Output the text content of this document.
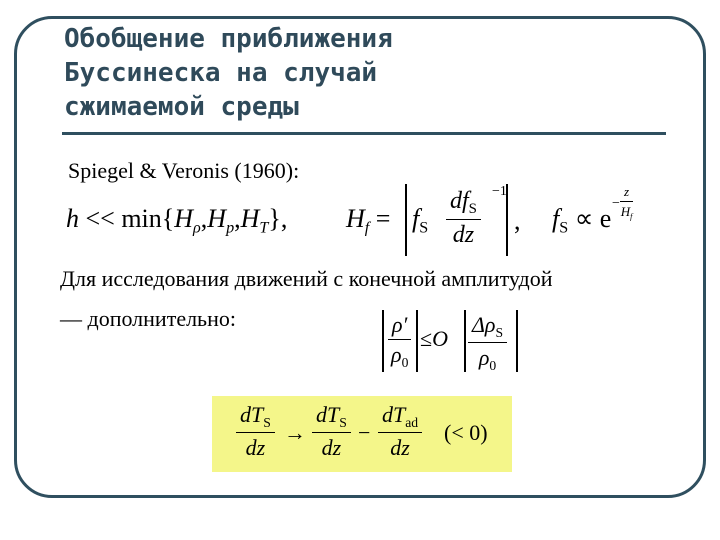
Обобщение приближения
Буссинеска на случай
сжимаемой среды
Spiegel & Veronis (1960):
$h << \min\{H_\rho,H_p,H_T\}$, $H_f = f_S$
$df_S$
dz
−1
, $f_S \propto e$
− $\frac{z}{H_f}$
Для исследования движений с конечной амплитудой
— дополнительно:	$\frac{\rho'}{\rho_0} \le O$
$\Delta\rho_S$
$\rho_0$
$dT_S$
dz
→
$dT_S$
dz
−
$dT_{ad}$
dz
(< 0)
